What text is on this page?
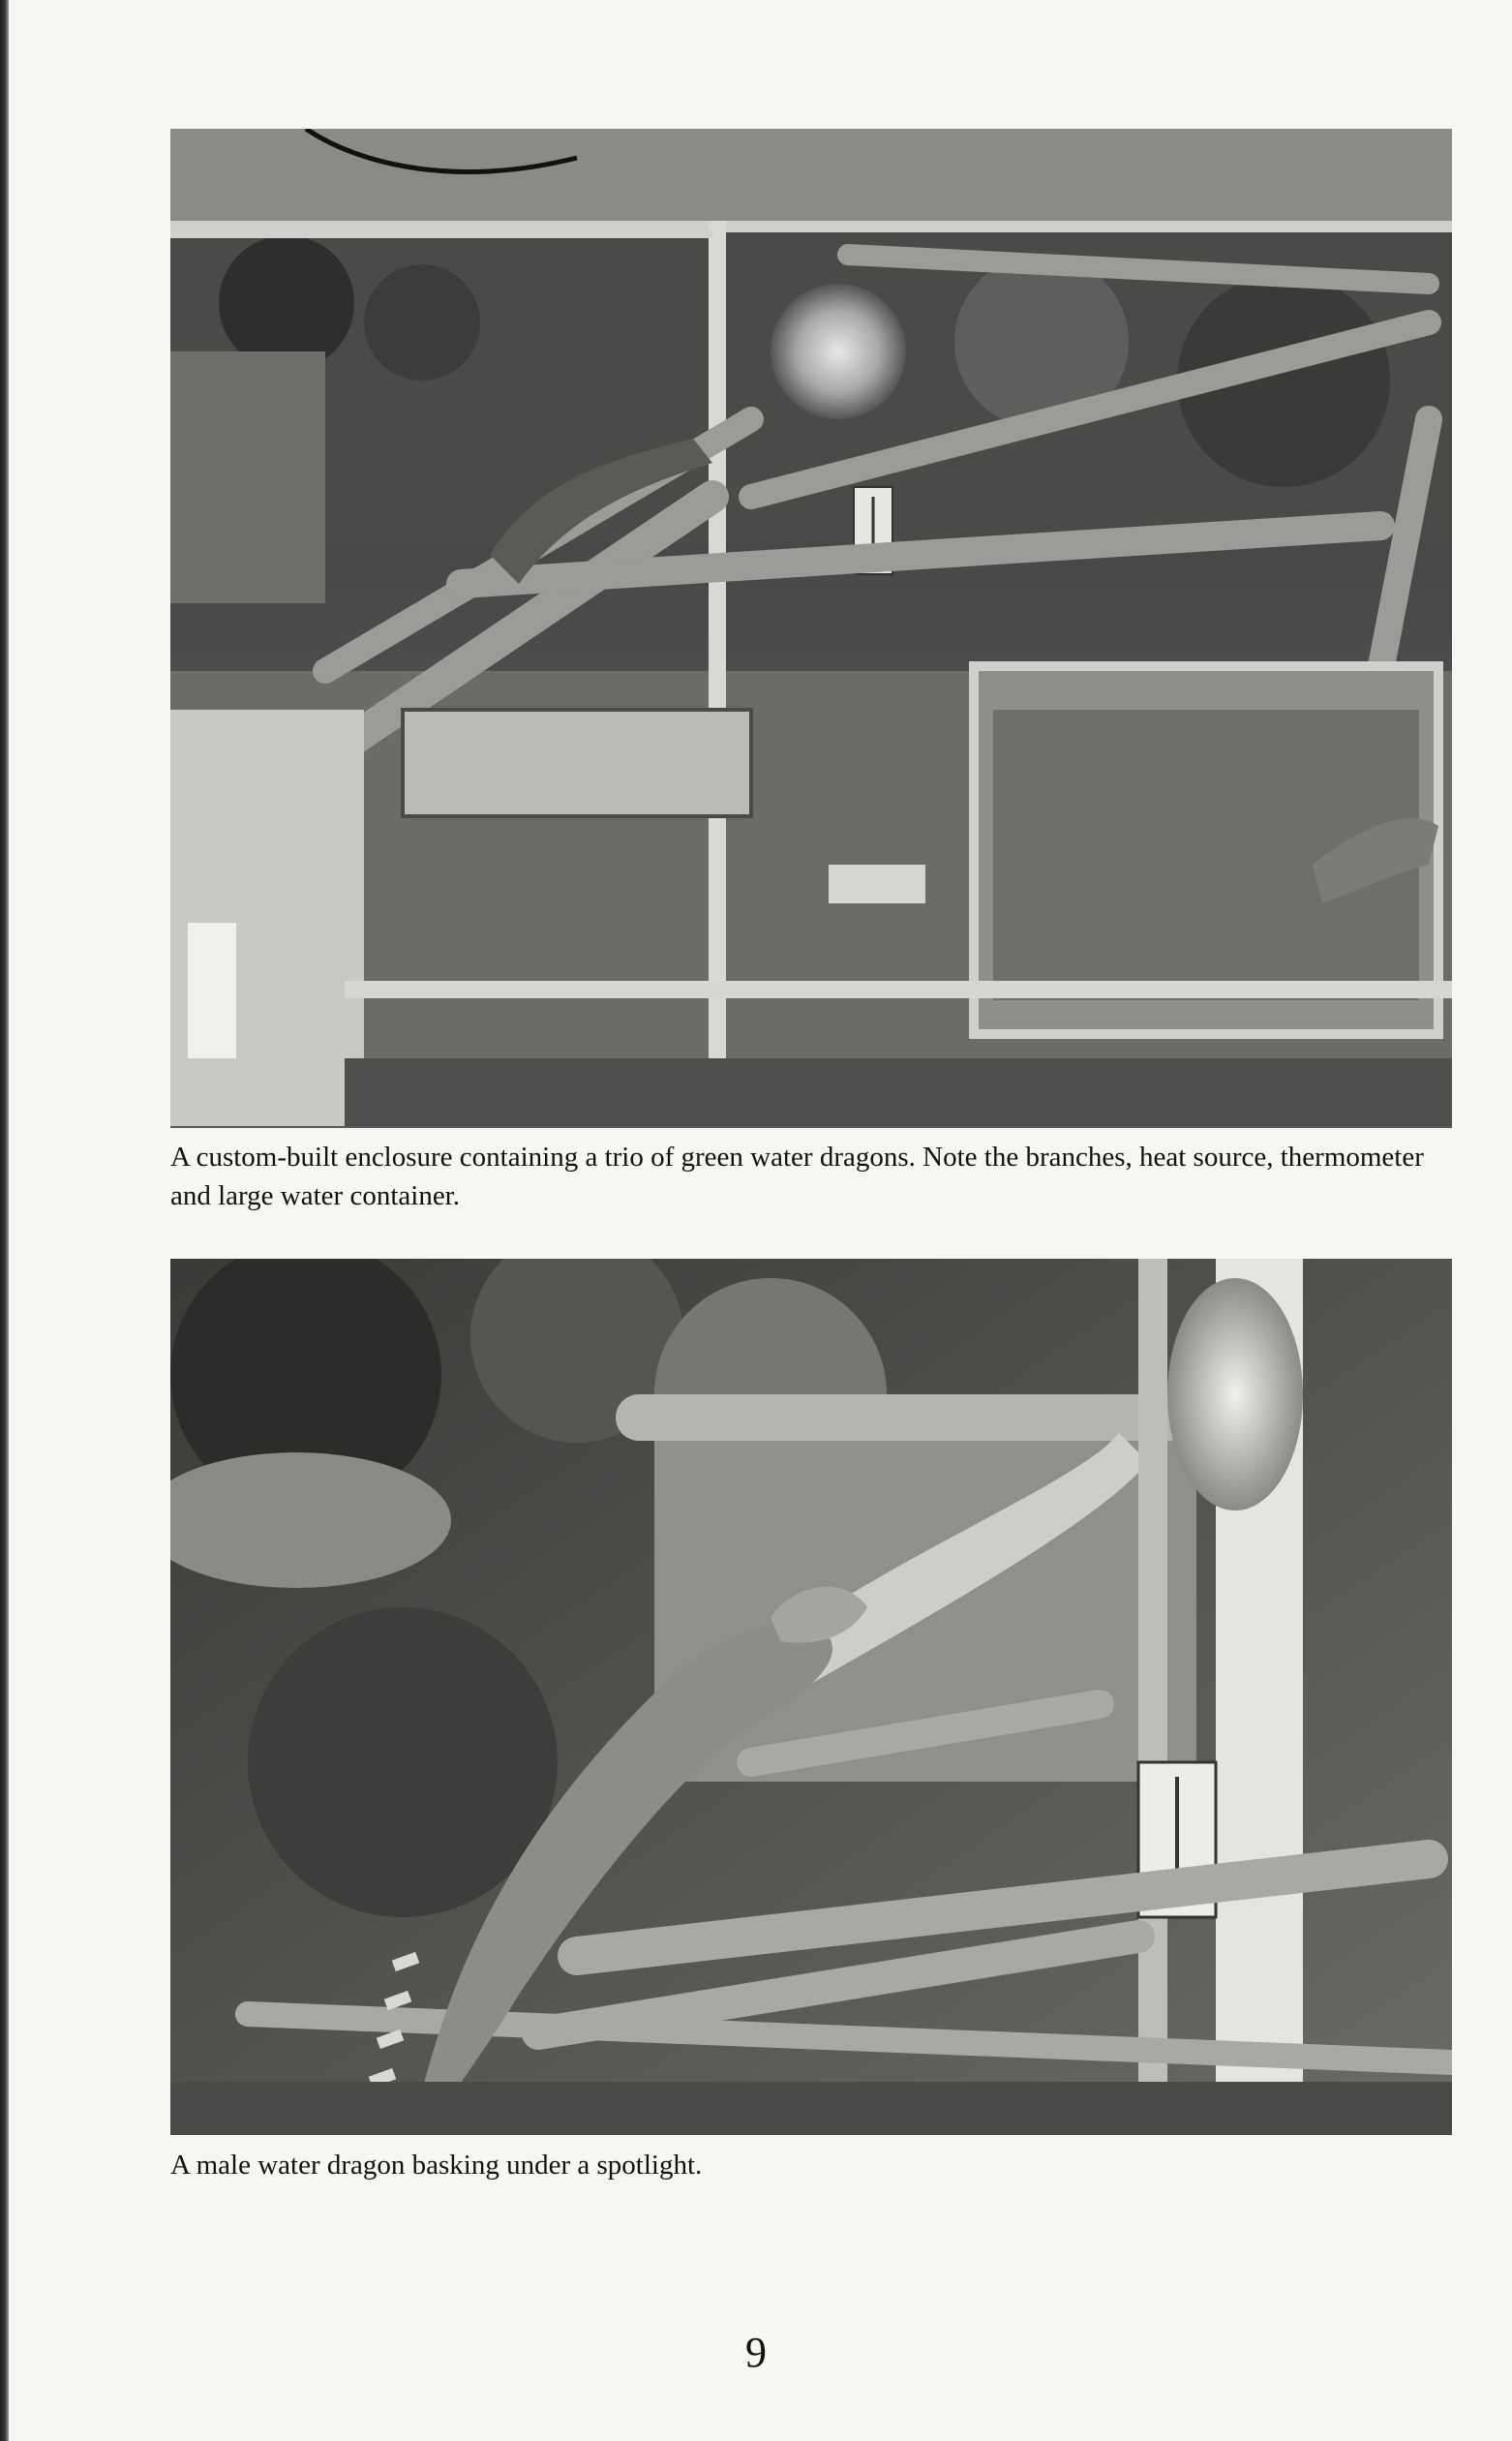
A custom-built enclosure containing a trio of green water dragons. Note the branches, heat source, thermometer and large water container.

A male water dragon basking under a spotlight.

9
